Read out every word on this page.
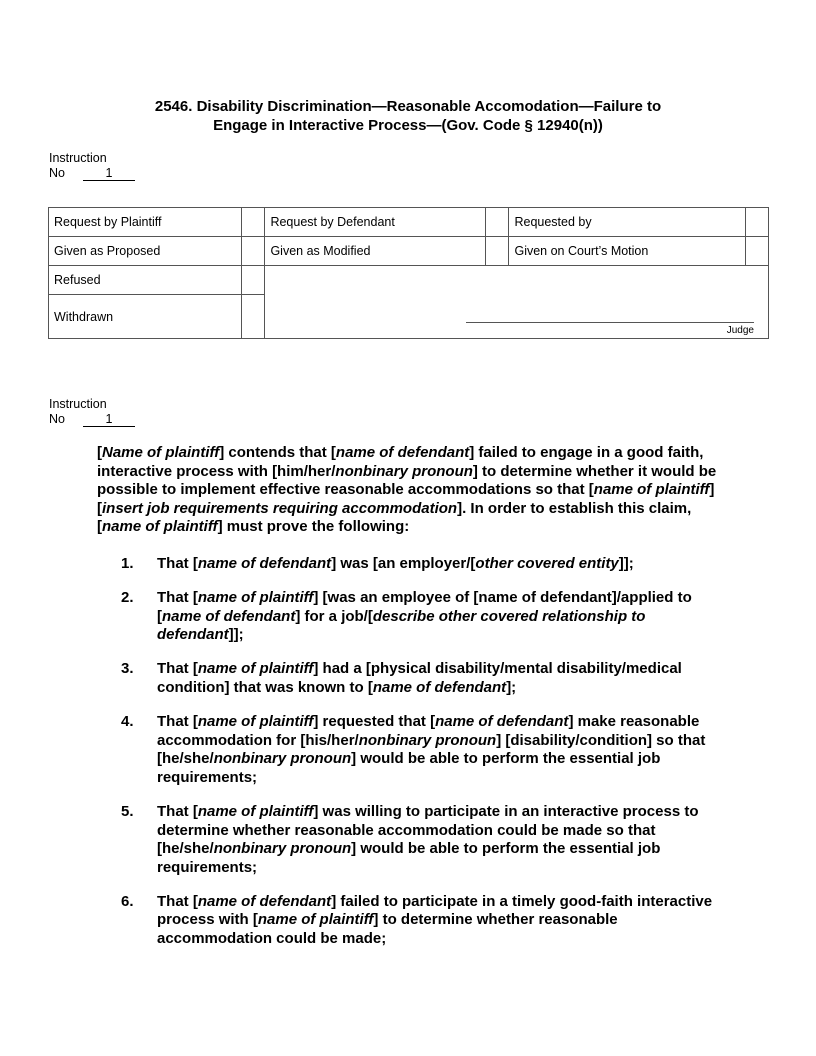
2546. Disability Discrimination—Reasonable Accomodation—Failure to
Engage in Interactive Process—(Gov. Code § 12940(n))
Instruction
No	1
Request by Plaintiff		Request by Defendant		Requested by	
Given as Proposed		Given as Modified		Given on Court’s Motion	
Refused		Judge			

Withdrawn					
Instruction
No	1

[Name of plaintiff] contends that [name of defendant] failed to engage in a good faith, interactive process with [him/her/nonbinary pronoun] to determine whether it would be possible to implement effective reasonable accommodations so that [name of plaintiff] [insert job requirements requiring accommodation]. In order to establish this claim, [name of plaintiff] must prove the following:

1. That [name of defendant] was [an employer/[other covered entity]];
2. That [name of plaintiff] [was an employee of [name of defendant]/applied to [name of defendant] for a job/[describe other covered relationship to defendant]];
3. That [name of plaintiff] had a [physical disability/mental disability/medical condition] that was known to [name of defendant];
4. That [name of plaintiff] requested that [name of defendant] make reasonable accommodation for [his/her/nonbinary pronoun] [disability/condition] so that [he/she/nonbinary pronoun] would be able to perform the essential job requirements;
5. That [name of plaintiff] was willing to participate in an interactive process to determine whether reasonable accommodation could be made so that [he/she/nonbinary pronoun] would be able to perform the essential job requirements;
6. That [name of defendant] failed to participate in a timely good-faith interactive process with [name of plaintiff] to determine whether reasonable accommodation could be made;
